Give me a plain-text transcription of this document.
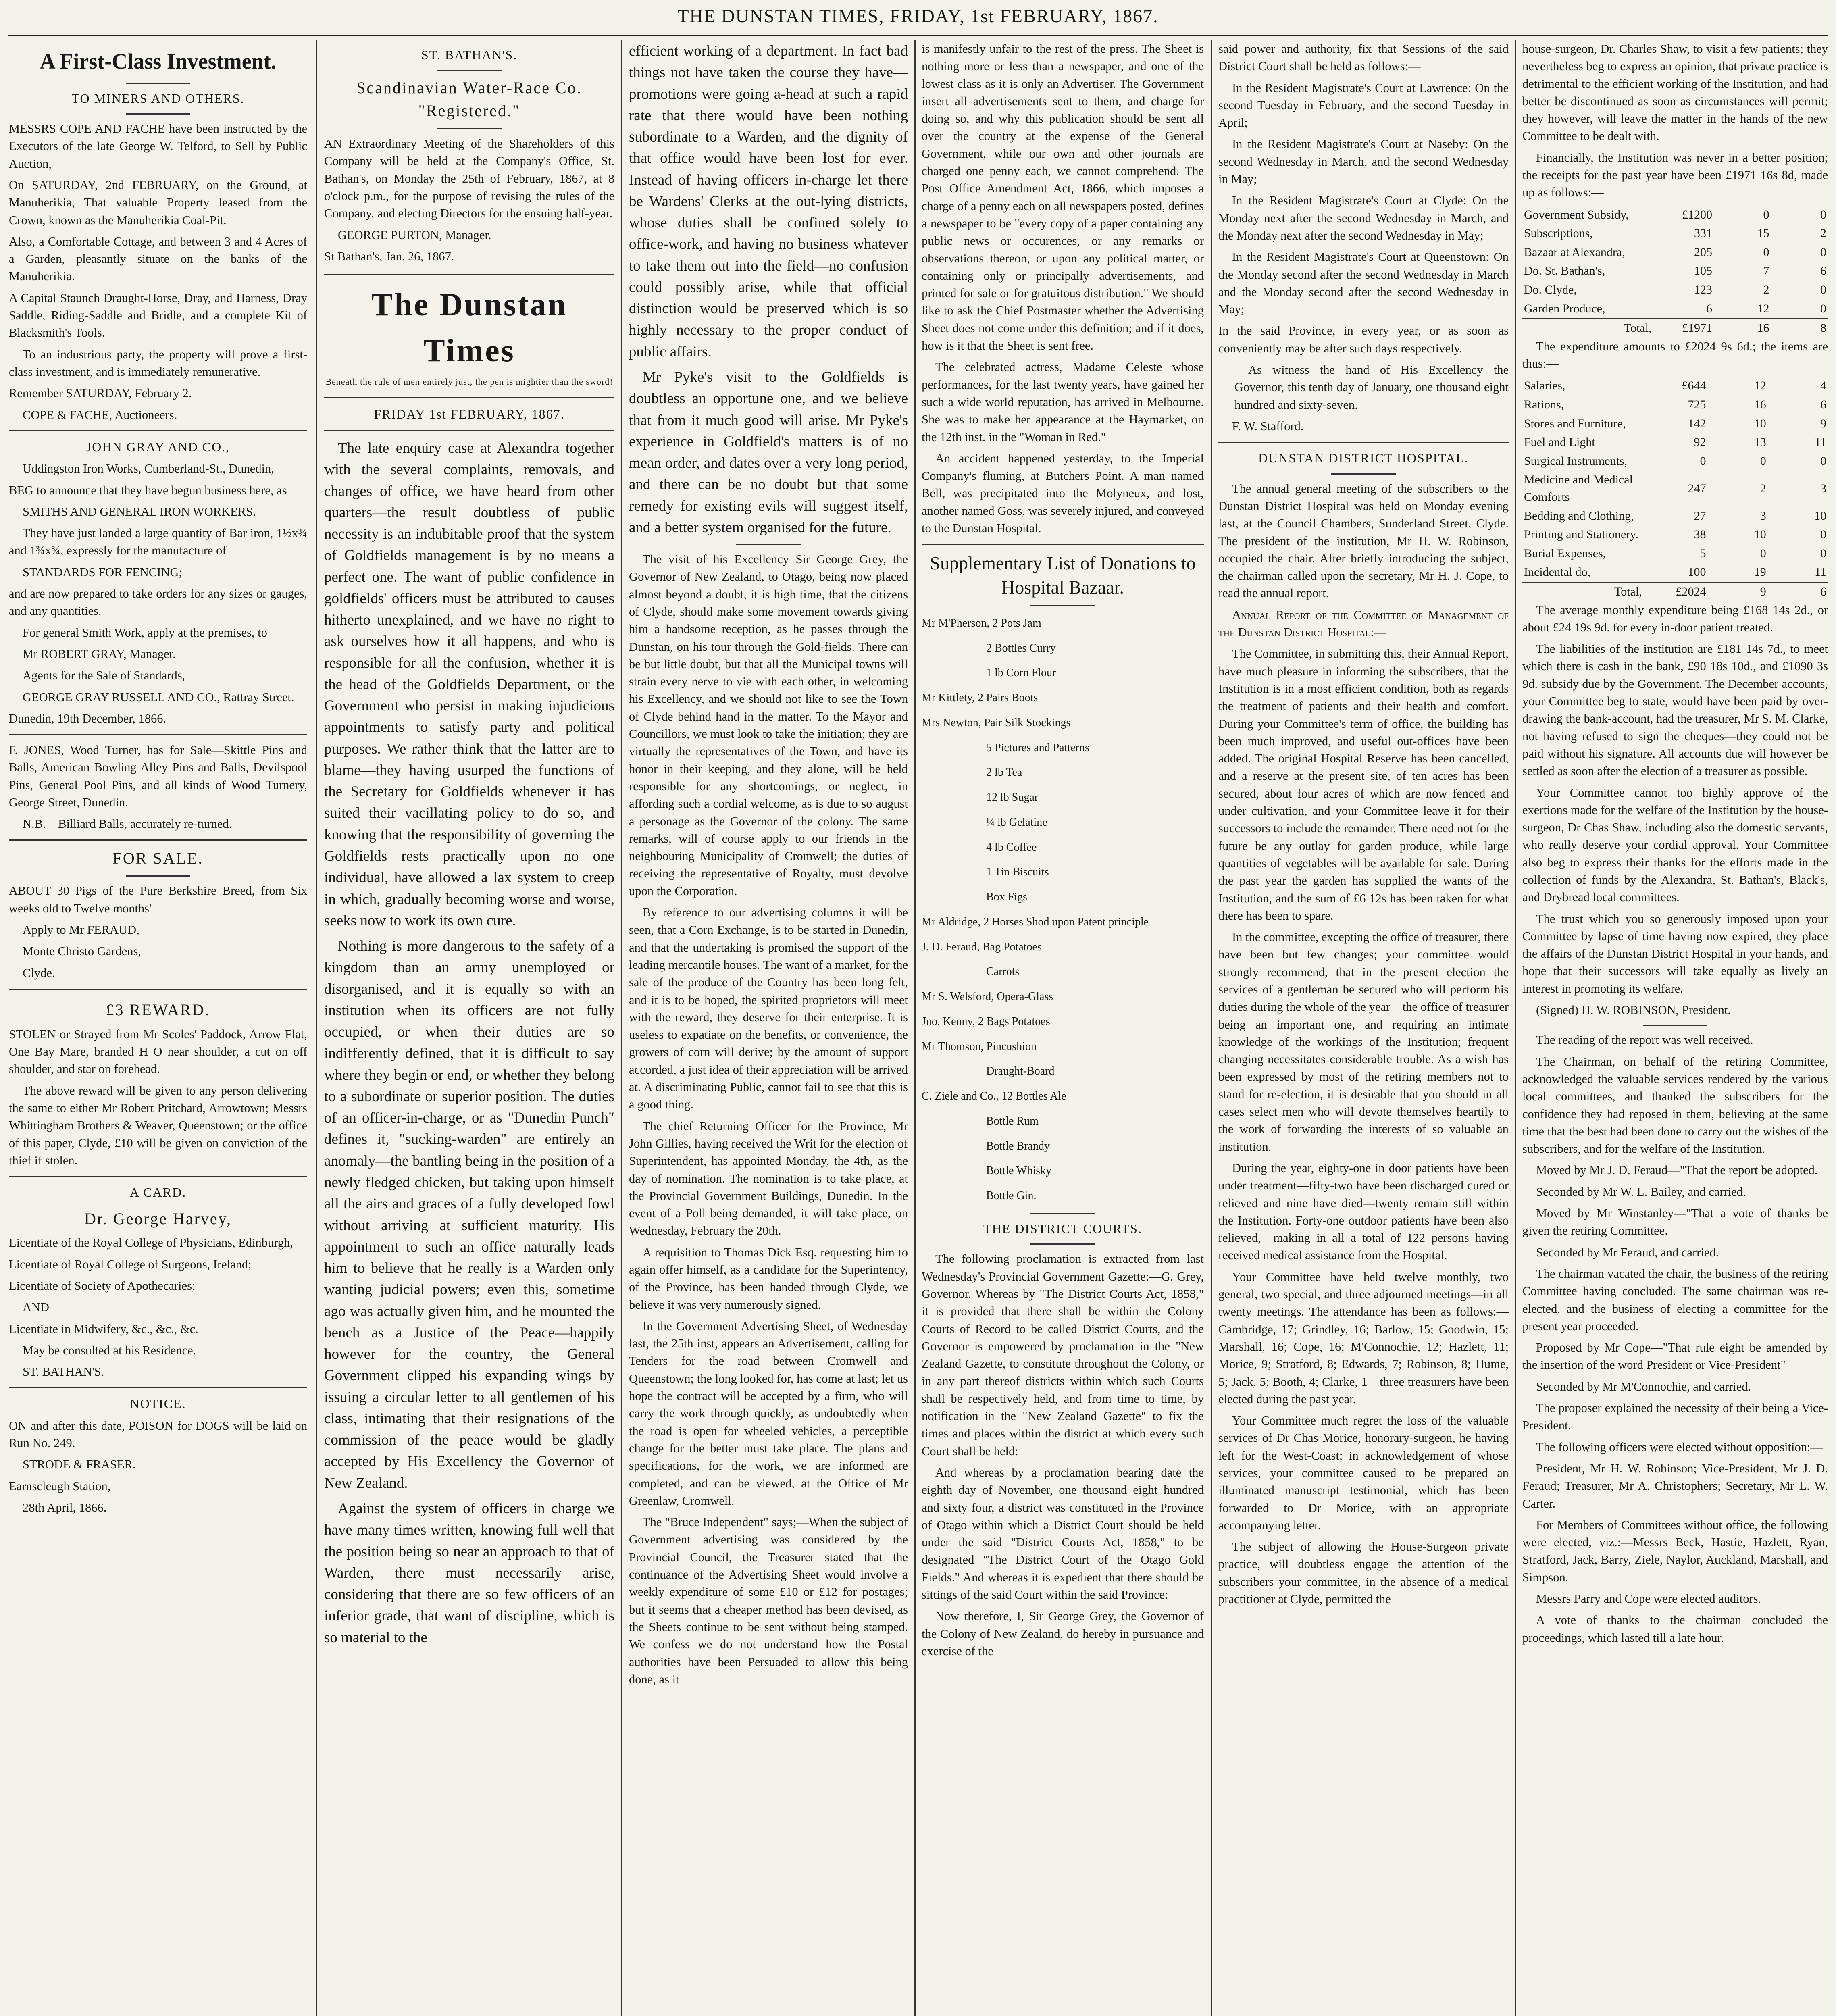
THE DUNSTAN TIMES, FRIDAY, 1st FEBRUARY, 1867.
A First-Class Investment.
TO MINERS AND OTHERS.

MESSRS COPE AND FACHE have been instructed by the Executors of the late George W. Telford, to Sell by Public Auction,

On SATURDAY, 2nd FEBRUARY, on the Ground, at Manuherikia, That valuable Property leased from the Crown, known as the Manuherikia Coal-Pit.

Also, a Comfortable Cottage, and between 3 and 4 Acres of a Garden, pleasantly situate on the banks of the Manuherikia.

A Capital Staunch Draught-Horse, Dray, and Harness, Dray Saddle, Riding-Saddle and Bridle, and a complete Kit of Blacksmith's Tools.

To an industrious party, the property will prove a first-class investment, and is immediately remunerative.

Remember SATURDAY, February 2.

COPE & FACHE, Auctioneers.

JOHN GRAY AND CO.,

Uddingston Iron Works, Cumberland-St., Dunedin,

BEG to announce that they have begun business here, as

SMITHS AND GENERAL IRON WORKERS.

They have just landed a large quantity of Bar iron, 1½x¾ and 1¾x¾, expressly for the manufacture of

STANDARDS FOR FENCING;

and are now prepared to take orders for any sizes or gauges, and any quantities.

For general Smith Work, apply at the premises, to

Mr ROBERT GRAY, Manager.

Agents for the Sale of Standards,

GEORGE GRAY RUSSELL AND CO., Rattray Street.

Dunedin, 19th December, 1866.

F. JONES, Wood Turner, has for Sale—Skittle Pins and Balls, American Bowling Alley Pins and Balls, Devilspool Pins, General Pool Pins, and all kinds of Wood Turnery, George Street, Dunedin.

N.B.—Billiard Balls, accurately re-turned.

FOR SALE.

ABOUT 30 Pigs of the Pure Berkshire Breed, from Six weeks old to Twelve months'

Apply to Mr FERAUD,

Monte Christo Gardens,

Clyde.

£3 REWARD.

STOLEN or Strayed from Mr Scoles' Paddock, Arrow Flat, One Bay Mare, branded H O near shoulder, a cut on off shoulder, and star on forehead.

The above reward will be given to any person delivering the same to either Mr Robert Pritchard, Arrowtown; Messrs Whittingham Brothers & Weaver, Queenstown; or the office of this paper, Clyde, £10 will be given on conviction of the thief if stolen.

A CARD.
Dr. George Harvey,

Licentiate of the Royal College of Physicians, Edinburgh,

Licentiate of Royal College of Surgeons, Ireland;

Licentiate of Society of Apothecaries;

AND

Licentiate in Midwifery, &c., &c., &c.

May be consulted at his Residence.

ST. BATHAN'S.

NOTICE.

ON and after this date, POISON for DOGS will be laid on Run No. 249.

STRODE & FRASER.

Earnscleugh Station,

28th April, 1866.

ST. BATHAN'S.
Scandinavian Water-Race Co. "Registered."

AN Extraordinary Meeting of the Shareholders of this Company will be held at the Company's Office, St. Bathan's, on Monday the 25th of February, 1867, at 8 o'clock p.m., for the purpose of revising the rules of the Company, and electing Directors for the ensuing half-year.

GEORGE PURTON, Manager.

St Bathan's, Jan. 26, 1867.

The Dunstan Times
Beneath the rule of men entirely just, the pen is mightier than the sword!
FRIDAY 1st FEBRUARY, 1867.

The late enquiry case at Alexandra together with the several complaints, removals, and changes of office, we have heard from other quarters—the result doubtless of public necessity is an indubitable proof that the system of Goldfields management is by no means a perfect one. The want of public confidence in goldfields' officers must be attributed to causes hitherto unexplained, and we have no right to ask ourselves how it all happens, and who is responsible for all the confusion, whether it is the head of the Goldfields Department, or the Government who persist in making injudicious appointments to satisfy party and political purposes. We rather think that the latter are to blame—they having usurped the functions of the Secretary for Goldfields whenever it has suited their vacillating policy to do so, and knowing that the responsibility of governing the Goldfields rests practically upon no one individual, have allowed a lax system to creep in which, gradually becoming worse and worse, seeks now to work its own cure.

Nothing is more dangerous to the safety of a kingdom than an army unemployed or disorganised, and it is equally so with an institution when its officers are not fully occupied, or when their duties are so indifferently defined, that it is difficult to say where they begin or end, or whether they belong to a subordinate or superior position. The duties of an officer-in-charge, or as "Dunedin Punch" defines it, "sucking-warden" are entirely an anomaly—the bantling being in the position of a newly fledged chicken, but taking upon himself all the airs and graces of a fully developed fowl without arriving at sufficient maturity. His appointment to such an office naturally leads him to believe that he really is a Warden only wanting judicial powers; even this, sometime ago was actually given him, and he mounted the bench as a Justice of the Peace—happily however for the country, the General Government clipped his expanding wings by issuing a circular letter to all gentlemen of his class, intimating that their resignations of the commission of the peace would be gladly accepted by His Excellency the Governor of New Zealand.

Against the system of officers in charge we have many times written, knowing full well that the position being so near an approach to that of Warden, there must necessarily arise, considering that there are so few officers of an inferior grade, that want of discipline, which is so material to the

efficient working of a department. In fact bad things not have taken the course they have—promotions were going a-head at such a rapid rate that there would have been nothing subordinate to a Warden, and the dignity of that office would have been lost for ever. Instead of having officers in-charge let there be Wardens' Clerks at the out-lying districts, whose duties shall be confined solely to office-work, and having no business whatever to take them out into the field—no confusion could possibly arise, while that official distinction would be preserved which is so highly necessary to the proper conduct of public affairs.

Mr Pyke's visit to the Goldfields is doubtless an opportune one, and we believe that from it much good will arise. Mr Pyke's experience in Goldfield's matters is of no mean order, and dates over a very long period, and there can be no doubt but that some remedy for existing evils will suggest itself, and a better system organised for the future.

The visit of his Excellency Sir George Grey, the Governor of New Zealand, to Otago, being now placed almost beyond a doubt, it is high time, that the citizens of Clyde, should make some movement towards giving him a handsome reception, as he passes through the Dunstan, on his tour through the Gold-fields. There can be but little doubt, but that all the Municipal towns will strain every nerve to vie with each other, in welcoming his Excellency, and we should not like to see the Town of Clyde behind hand in the matter. To the Mayor and Councillors, we must look to take the initiation; they are virtually the representatives of the Town, and have its honor in their keeping, and they alone, will be held responsible for any shortcomings, or neglect, in affording such a cordial welcome, as is due to so august a personage as the Governor of the colony. The same remarks, will of course apply to our friends in the neighbouring Municipality of Cromwell; the duties of receiving the representative of Royalty, must devolve upon the Corporation.

By reference to our advertising columns it will be seen, that a Corn Exchange, is to be started in Dunedin, and that the undertaking is promised the support of the leading mercantile houses. The want of a market, for the sale of the produce of the Country has been long felt, and it is to be hoped, the spirited proprietors will meet with the reward, they deserve for their enterprise. It is useless to expatiate on the benefits, or convenience, the growers of corn will derive; by the amount of support accorded, a just idea of their appreciation will be arrived at. A discriminating Public, cannot fail to see that this is a good thing.

The chief Returning Officer for the Province, Mr John Gillies, having received the Writ for the election of Superintendent, has appointed Monday, the 4th, as the day of nomination. The nomination is to take place, at the Provincial Government Buildings, Dunedin. In the event of a Poll being demanded, it will take place, on Wednesday, February the 20th.

A requisition to Thomas Dick Esq. requesting him to again offer himself, as a candidate for the Superintency, of the Province, has been handed through Clyde, we believe it was very numerously signed.

In the Government Advertising Sheet, of Wednesday last, the 25th inst, appears an Advertisement, calling for Tenders for the road between Cromwell and Queenstown; the long looked for, has come at last; let us hope the contract will be accepted by a firm, who will carry the work through quickly, as undoubtedly when the road is open for wheeled vehicles, a perceptible change for the better must take place. The plans and specifications, for the work, we are informed are completed, and can be viewed, at the Office of Mr Greenlaw, Cromwell.

The "Bruce Independent" says;—When the subject of Government advertising was considered by the Provincial Council, the Treasurer stated that the continuance of the Advertising Sheet would involve a weekly expenditure of some £10 or £12 for postages; but it seems that a cheaper method has been devised, as the Sheets continue to be sent without being stamped. We confess we do not understand how the Postal authorities have been Persuaded to allow this being done, as it

is manifestly unfair to the rest of the press. The Sheet is nothing more or less than a newspaper, and one of the lowest class as it is only an Advertiser. The Government insert all advertisements sent to them, and charge for doing so, and why this publication should be sent all over the country at the expense of the General Government, while our own and other journals are charged one penny each, we cannot comprehend. The Post Office Amendment Act, 1866, which imposes a charge of a penny each on all newspapers posted, defines a newspaper to be "every copy of a paper containing any public news or occurences, or any remarks or observations thereon, or upon any political matter, or containing only or principally advertisements, and printed for sale or for gratuitous distribution." We should like to ask the Chief Postmaster whether the Advertising Sheet does not come under this definition; and if it does, how is it that the Sheet is sent free.

The celebrated actress, Madame Celeste whose performances, for the last twenty years, have gained her such a wide world reputation, has arrived in Melbourne. She was to make her appearance at the Haymarket, on the 12th inst. in the "Woman in Red."

An accident happened yesterday, to the Imperial Company's fluming, at Butchers Point. A man named Bell, was precipitated into the Molyneux, and lost, another named Goss, was severely injured, and conveyed to the Dunstan Hospital.

Supplementary List of Donations to Hospital Bazaar.
Mr M'Pherson, 2 Pots Jam
2 Bottles Curry
1 lb Corn Flour
Mr Kittlety, 2 Pairs Boots
Mrs Newton, Pair Silk Stockings
5 Pictures and Patterns
2 lb Tea
12 lb Sugar
¼ lb Gelatine
4 lb Coffee
1 Tin Biscuits
Box Figs
Mr Aldridge, 2 Horses Shod upon Patent principle
J. D. Feraud, Bag Potatoes
Carrots
Mr S. Welsford, Opera-Glass
Jno. Kenny, 2 Bags Potatoes
Mr Thomson, Pincushion
Draught-Board
C. Ziele and Co., 12 Bottles Ale
Bottle Rum
Bottle Brandy
Bottle Whisky
Bottle Gin.
THE DISTRICT COURTS.

The following proclamation is extracted from last Wednesday's Provincial Government Gazette:—G. Grey, Governor. Whereas by "The District Courts Act, 1858," it is provided that there shall be within the Colony Courts of Record to be called District Courts, and the Governor is empowered by proclamation in the "New Zealand Gazette, to constitute throughout the Colony, or in any part thereof districts within which such Courts shall be respectively held, and from time to time, by notification in the "New Zealand Gazette" to fix the times and places within the district at which every such Court shall be held:

And whereas by a proclamation bearing date the eighth day of November, one thousand eight hundred and sixty four, a district was constituted in the Province of Otago within which a District Court should be held under the said "District Courts Act, 1858," to be designated "The District Court of the Otago Gold Fields." And whereas it is expedient that there should be sittings of the said Court within the said Province:

Now therefore, I, Sir George Grey, the Governor of the Colony of New Zealand, do hereby in pursuance and exercise of the

said power and authority, fix that Sessions of the said District Court shall be held as follows:—

In the Resident Magistrate's Court at Lawrence: On the second Tuesday in February, and the second Tuesday in April;

In the Resident Magistrate's Court at Naseby: On the second Wednesday in March, and the second Wednesday in May;

In the Resident Magistrate's Court at Clyde: On the Monday next after the second Wednesday in March, and the Monday next after the second Wednesday in May;

In the Resident Magistrate's Court at Queenstown: On the Monday second after the second Wednesday in March and the Monday second after the second Wednesday in May;

In the said Province, in every year, or as soon as conveniently may be after such days respectively.

As witness the hand of His Excellency the Governor, this tenth day of January, one thousand eight hundred and sixty-seven.

F. W. Stafford.

DUNSTAN DISTRICT HOSPITAL.

The annual general meeting of the subscribers to the Dunstan District Hospital was held on Monday evening last, at the Council Chambers, Sunderland Street, Clyde. The president of the institution, Mr H. W. Robinson, occupied the chair. After briefly introducing the subject, the chairman called upon the secretary, Mr H. J. Cope, to read the annual report.

Annual Report of the Committee of Management of the Dunstan District Hospital:—

The Committee, in submitting this, their Annual Report, have much pleasure in informing the subscribers, that the Institution is in a most efficient condition, both as regards the treatment of patients and their health and comfort. During your Committee's term of office, the building has been much improved, and useful out-offices have been added. The original Hospital Reserve has been cancelled, and a reserve at the present site, of ten acres has been secured, about four acres of which are now fenced and under cultivation, and your Committee leave it for their successors to include the remainder. There need not for the future be any outlay for garden produce, while large quantities of vegetables will be available for sale. During the past year the garden has supplied the wants of the Institution, and the sum of £6 12s has been taken for what there has been to spare.

In the committee, excepting the office of treasurer, there have been but few changes; your committee would strongly recommend, that in the present election the services of a gentleman be secured who will perform his duties during the whole of the year—the office of treasurer being an important one, and requiring an intimate knowledge of the workings of the Institution; frequent changing necessitates considerable trouble. As a wish has been expressed by most of the retiring members not to stand for re-election, it is desirable that you should in all cases select men who will devote themselves heartily to the work of forwarding the interests of so valuable an institution.

During the year, eighty-one in door patients have been under treatment—fifty-two have been discharged cured or relieved and nine have died—twenty remain still within the Institution. Forty-one outdoor patients have been also relieved,—making in all a total of 122 persons having received medical assistance from the Hospital.

Your Committee have held twelve monthly, two general, two special, and three adjourned meetings—in all twenty meetings. The attendance has been as follows:—Cambridge, 17; Grindley, 16; Barlow, 15; Goodwin, 15; Marshall, 16; Cope, 16; M'Connochie, 12; Hazlett, 11; Morice, 9; Stratford, 8; Edwards, 7; Robinson, 8; Hume, 5; Jack, 5; Booth, 4; Clarke, 1—three treasurers have been elected during the past year.

Your Committee much regret the loss of the valuable services of Dr Chas Morice, honorary-surgeon, he having left for the West-Coast; in acknowledgement of whose services, your committee caused to be prepared an illuminated manuscript testimonial, which has been forwarded to Dr Morice, with an appropriate accompanying letter.

The subject of allowing the House-Surgeon private practice, will doubtless engage the attention of the subscribers your committee, in the absence of a medical practitioner at Clyde, permitted the

house-surgeon, Dr. Charles Shaw, to visit a few patients; they nevertheless beg to express an opinion, that private practice is detrimental to the efficient working of the Institution, and had better be discontinued as soon as circumstances will permit; they however, will leave the matter in the hands of the new Committee to be dealt with.

Financially, the Institution was never in a better position; the receipts for the past year have been £1971 16s 8d, made up as follows:—

Government Subsidy,	£1200	0	0
Subscriptions,	331	15	2
Bazaar at Alexandra,	205	0	0
Do. St. Bathan's,	105	7	6
Do. Clyde,	123	2	0
Garden Produce,	6	12	0
Total,	£1971	16	8

The expenditure amounts to £2024 9s 6d.; the items are thus:—

Salaries,	£644	12	4
Rations,	725	16	6
Stores and Furniture,	142	10	9
Fuel and Light	92	13	11
Surgical Instruments,	0	0	0
Medicine and Medical Comforts	247	2	3
Bedding and Clothing,	27	3	10
Printing and Stationery.	38	10	0
Burial Expenses,	5	0	0
Incidental do,	100	19	11
Total,	£2024	9	6

The average monthly expenditure being £168 14s 2d., or about £24 19s 9d. for every in-door patient treated.

The liabilities of the institution are £181 14s 7d., to meet which there is cash in the bank, £90 18s 10d., and £1090 3s 9d. subsidy due by the Government. The December accounts, your Committee beg to state, would have been paid by over-drawing the bank-account, had the treasurer, Mr S. M. Clarke, not having refused to sign the cheques—they could not be paid without his signature. All accounts due will however be settled as soon after the election of a treasurer as possible.

Your Committee cannot too highly approve of the exertions made for the welfare of the Institution by the house-surgeon, Dr Chas Shaw, including also the domestic servants, who really deserve your cordial approval. Your Committee also beg to express their thanks for the efforts made in the collection of funds by the Alexandra, St. Bathan's, Black's, and Drybread local committees.

The trust which you so generously imposed upon your Committee by lapse of time having now expired, they place the affairs of the Dunstan District Hospital in your hands, and hope that their successors will take equally as lively an interest in promoting its welfare.

(Signed) H. W. ROBINSON, President.

The reading of the report was well received.

The Chairman, on behalf of the retiring Committee, acknowledged the valuable services rendered by the various local committees, and thanked the subscribers for the confidence they had reposed in them, believing at the same time that the best had been done to carry out the wishes of the subscribers, and for the welfare of the Institution.

Moved by Mr J. D. Feraud—"That the report be adopted.

Seconded by Mr W. L. Bailey, and carried.

Moved by Mr Winstanley—"That a vote of thanks be given the retiring Committee.

Seconded by Mr Feraud, and carried.

The chairman vacated the chair, the business of the retiring Committee having concluded. The same chairman was re-elected, and the business of electing a committee for the present year proceeded.

Proposed by Mr Cope—"That rule eight be amended by the insertion of the word President or Vice-President"

Seconded by Mr M'Connochie, and carried.

The proposer explained the necessity of their being a Vice-President.

The following officers were elected without opposition:—

President, Mr H. W. Robinson; Vice-President, Mr J. D. Feraud; Treasurer, Mr A. Christophers; Secretary, Mr L. W. Carter.

For Members of Committees without office, the following were elected, viz.:—Messrs Beck, Hastie, Hazlett, Ryan, Stratford, Jack, Barry, Ziele, Naylor, Auckland, Marshall, and Simpson.

Messrs Parry and Cope were elected auditors.

A vote of thanks to the chairman concluded the proceedings, which lasted till a late hour.
